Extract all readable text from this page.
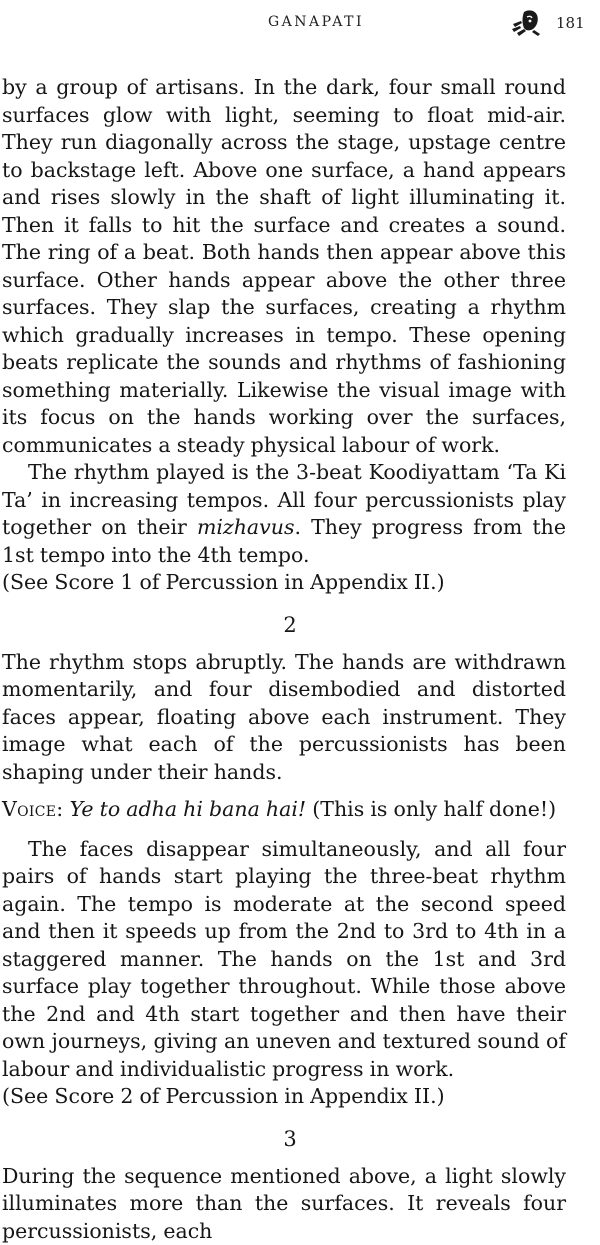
GANAPATI	181

by a group of artisans. In the dark, four small round surfaces glow with light, seeming to float mid-air. They run diagonally across the stage, upstage centre to backstage left. Above one surface, a hand appears and rises slowly in the shaft of light illuminating it. Then it falls to hit the surface and creates a sound. The ring of a beat. Both hands then appear above this surface. Other hands appear above the other three surfaces. They slap the surfaces, creating a rhythm which gradually increases in tempo. These opening beats replicate the sounds and rhythms of fashioning something materially. Likewise the visual image with its focus on the hands working over the surfaces, communicates a steady physical labour of work.

The rhythm played is the 3-beat Koodiyattam ‘Ta Ki Ta’ in increasing tempos. All four percussionists play together on their mizhavus. They progress from the 1st tempo into the 4th tempo.

(See Score 1 of Percussion in Appendix II.)

2

The rhythm stops abruptly. The hands are withdrawn momentarily, and four disembodied and distorted faces appear, floating above each instrument. They image what each of the percussionists has been shaping under their hands.

Voice: Ye to adha hi bana hai! (This is only half done!)

The faces disappear simultaneously, and all four pairs of hands start playing the three-beat rhythm again. The tempo is moderate at the second speed and then it speeds up from the 2nd to 3rd to 4th in a staggered manner. The hands on the 1st and 3rd surface play together throughout. While those above the 2nd and 4th start together and then have their own journeys, giving an uneven and textured sound of labour and individualistic progress in work.

(See Score 2 of Percussion in Appendix II.)

3

During the sequence mentioned above, a light slowly illuminates more than the surfaces. It reveals four percussionists, each
